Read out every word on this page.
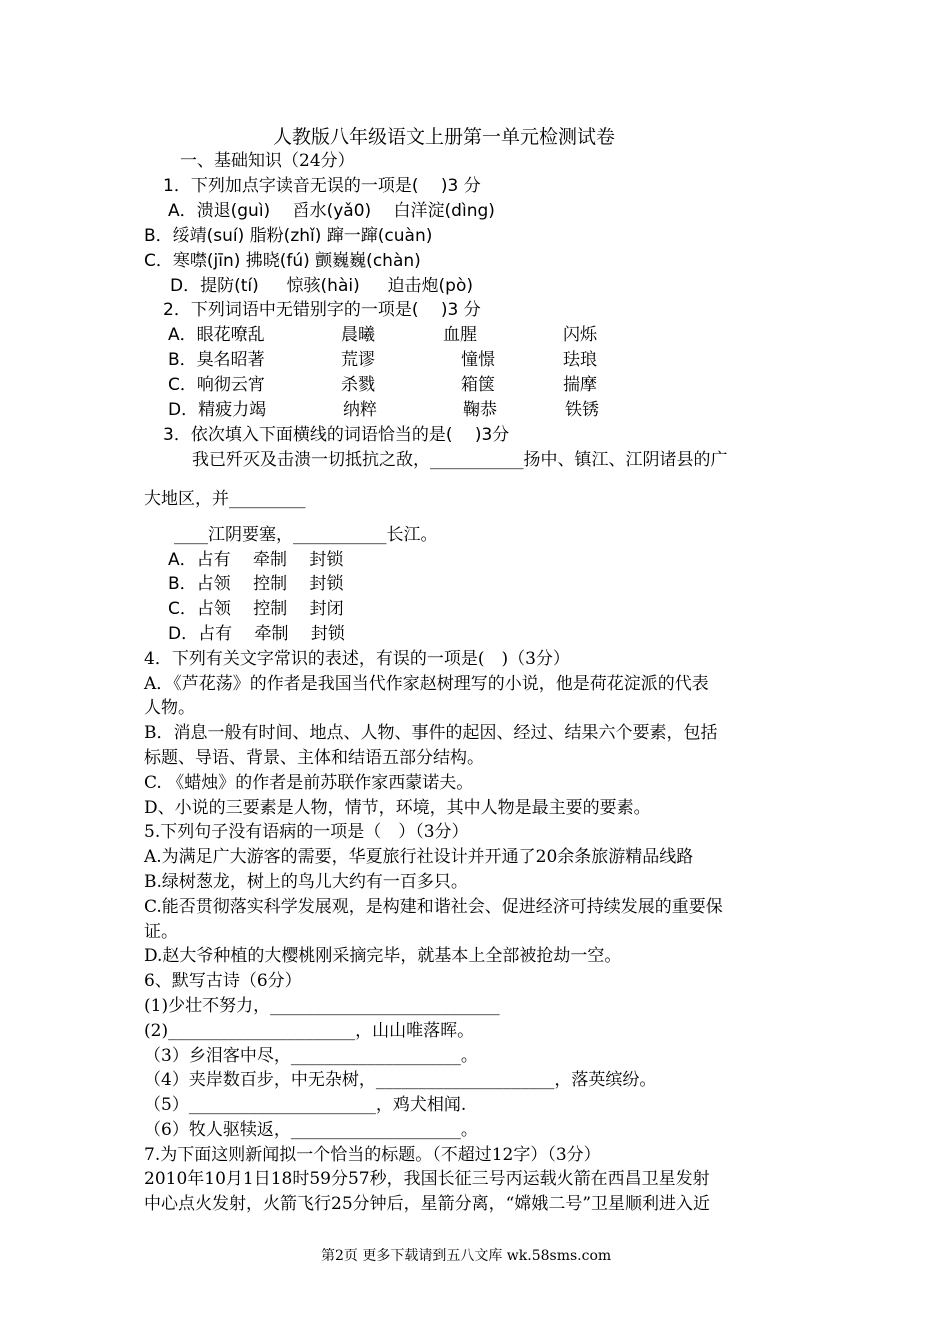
人教版八年级语文上册第一单元检测试卷
一、基础知识（24分）
1．下列加点字读音无误的一项是(　 )3 分
A．溃退(guì)　 舀水(yǎ0)　 白洋淀(dìng)
B．绥靖(suí) 脂粉(zhǐ) 蹿一蹿(cuàn)
C．寒噤(jīn) 拂晓(fú) 颤巍巍(chàn)
D．提防(tí)　  惊骇(hài)　  迫击炮(pò)
2．下列词语中无错别字的一项是(　 )3 分
A．眼花嘹乱	晨曦	血腥	闪烁
B．臭名昭著	荒谬	憧憬	珐琅
C．响彻云宵	杀戮	箱箧	揣摩
D．精疲力竭	纳粹	鞠恭	铁锈
3．依次填入下面横线的词语恰当的是(　 )3分
我已歼灭及击溃一切抵抗之敌，___________扬中、镇江、江阴诸县的广
大地区，并_________
____江阴要塞，___________长江。
A．占有　 牵制　 封锁
B．占领　 控制　 封锁
C．占领　 控制　 封闭
D．占有　 牵制　 封锁
4．下列有关文字常识的表述，有误的一项是(　)（3分）
A．《芦花荡》的作者是我国当代作家赵树理写的小说，他是荷花淀派的代表
人物。
B．消息一般有时间、地点、人物、事件的起因、经过、结果六个要素，包括
标题、导语、背景、主体和结语五部分结构。
C. 《蜡烛》的作者是前苏联作家西蒙诺夫。
D、小说的三要素是人物，情节，环境，其中人物是最主要的要素。
5.下列句子没有语病的一项是（　）（3分）
A.为满足广大游客的需要，华夏旅行社设计并开通了20余条旅游精品线路
B.绿树葱龙，树上的鸟儿大约有一百多只。
C.能否贯彻落实科学发展观，是构建和谐社会、促进经济可持续发展的重要保
证。
D.赵大爷种植的大樱桃刚采摘完毕，就基本上全部被抢劫一空。
6、默写古诗（6分）
(1)少壮不努力，___________________________
(2)______________________，山山唯落晖。
（3）乡泪客中尽，____________________。
（4）夹岸数百步，中无杂树，_____________________，落英缤纷。
（5）______________________，鸡犬相闻.
（6）牧人驱犊返，____________________。
7.为下面这则新闻拟一个恰当的标题。（不超过12字）（3分）
2010年10月1日18时59分57秒，我国长征三号丙运载火箭在西昌卫星发射
中心点火发射，火箭飞行25分钟后，星箭分离，“嫦娥二号”卫星顺利进入近
第2页 更多下载请到五八文库 wk.58sms.com
